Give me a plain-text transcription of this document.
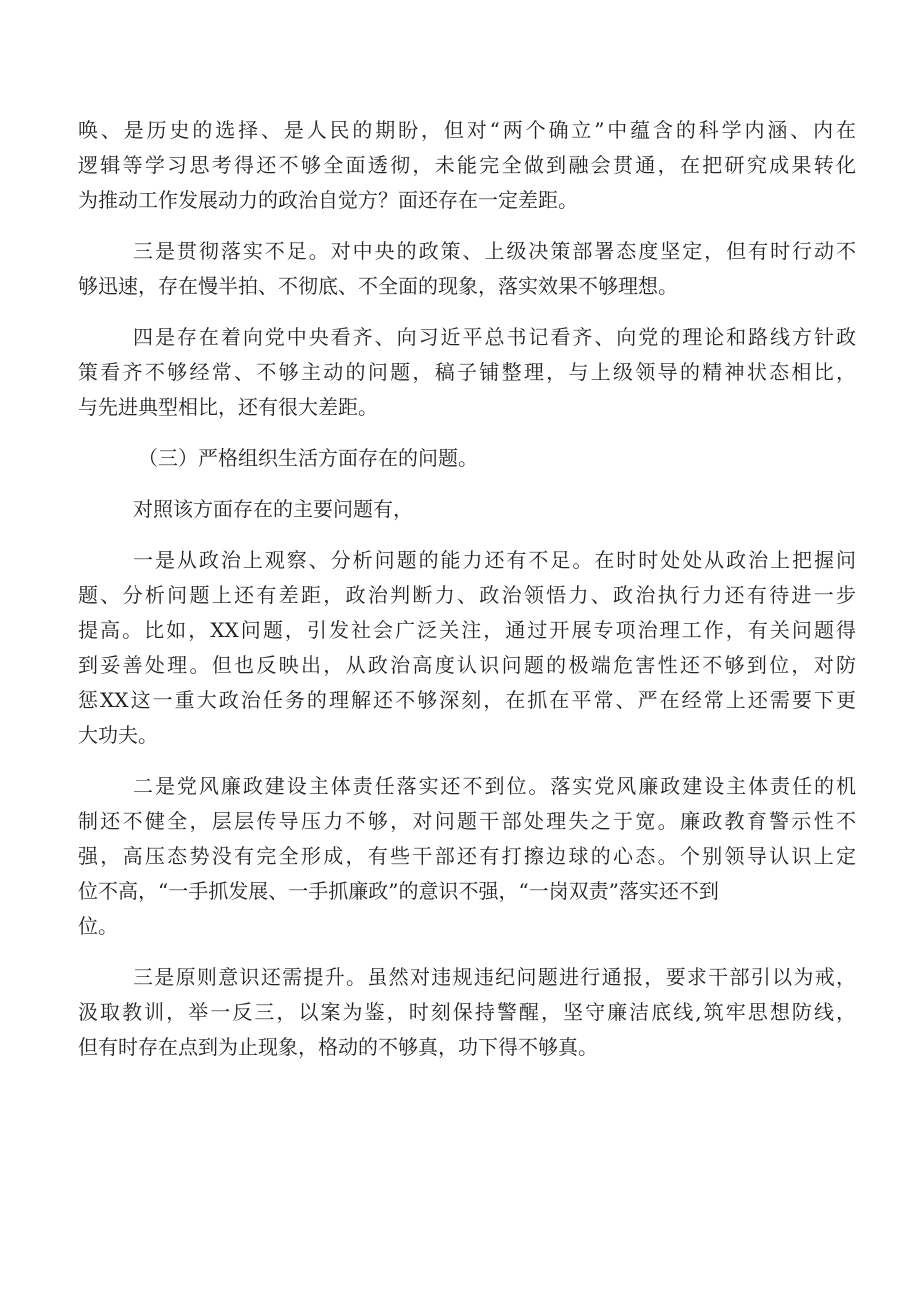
唤、是历史的选择、是人民的期盼，但对“两个确立”中蕴含的科学内涵、内在
逻辑等学习思考得还不够全面透彻，未能完全做到融会贯通，在把研究成果转化
为推动工作发展动力的政治自觉方？面还存在一定差距。
三是贯彻落实不足。对中央的政策、上级决策部署态度坚定，但有时行动不
够迅速，存在慢半拍、不彻底、不全面的现象，落实效果不够理想。
四是存在着向党中央看齐、向习近平总书记看齐、向党的理论和路线方针政
策看齐不够经常、不够主动的问题，稿子铺整理，与上级领导的精神状态相比，
与先进典型相比，还有很大差距。
（三）严格组织生活方面存在的问题。
对照该方面存在的主要问题有，
一是从政治上观察、分析问题的能力还有不足。在时时处处从政治上把握问
题、分析问题上还有差距，政治判断力、政治领悟力、政治执行力还有待进一步
提高。比如，XX问题，引发社会广泛关注，通过开展专项治理工作，有关问题得
到妥善处理。但也反映出，从政治高度认识问题的极端危害性还不够到位，对防
惩XX这一重大政治任务的理解还不够深刻，在抓在平常、严在经常上还需要下更
大功夫。
二是党风廉政建设主体责任落实还不到位。落实党风廉政建设主体责任的机
制还不健全，层层传导压力不够，对问题干部处理失之于宽。廉政教育警示性不
强，高压态势没有完全形成，有些干部还有打擦边球的心态。个别领导认识上定
位不高，“一手抓发展、一手抓廉政”的意识不强，“一岗双责”落实还不到
位。
三是原则意识还需提升。虽然对违规违纪问题进行通报，要求干部引以为戒，
汲取教训，举一反三，以案为鉴，时刻保持警醒，坚守廉洁底线,筑牢思想防线，
但有时存在点到为止现象，格动的不够真，功下得不够真。
